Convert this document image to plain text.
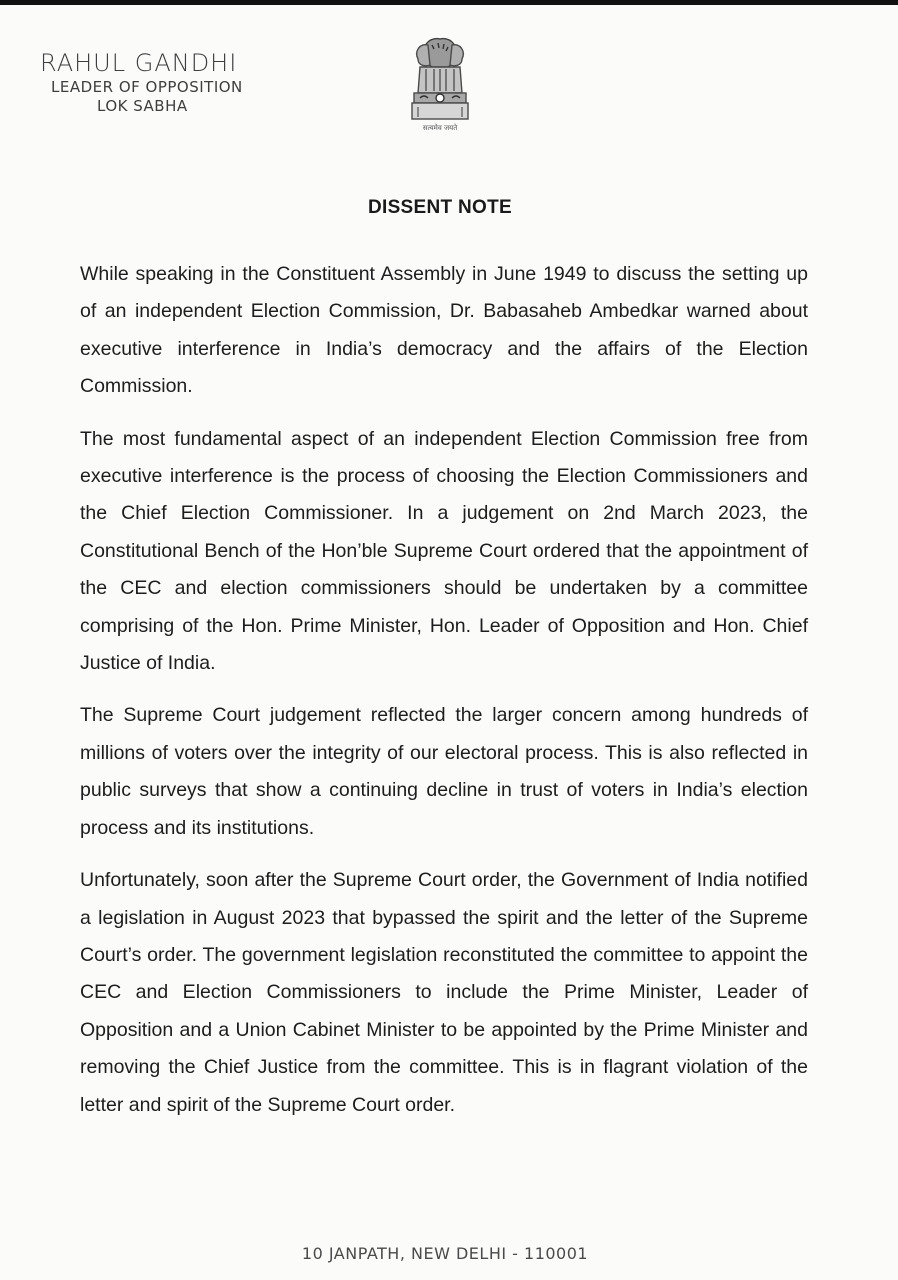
RAHUL GANDHI

LEADER OF OPPOSITION

LOK SABHA

सत्यमेव जयते
DISSENT NOTE

While speaking in the Constituent Assembly in June 1949 to discuss the setting up of an independent Election Commission, Dr. Babasaheb Ambedkar warned about executive interference in India’s democracy and the affairs of the Election Commission.

The most fundamental aspect of an independent Election Commission free from executive interference is the process of choosing the Election Commissioners and the Chief Election Commissioner. In a judgement on 2nd March 2023, the Constitutional Bench of the Hon’ble Supreme Court ordered that the appointment of the CEC and election commissioners should be undertaken by a committee comprising of the Hon. Prime Minister, Hon. Leader of Opposition and Hon. Chief Justice of India.

The Supreme Court judgement reflected the larger concern among hundreds of millions of voters over the integrity of our electoral process. This is also reflected in public surveys that show a continuing decline in trust of voters in India’s election process and its institutions.

Unfortunately, soon after the Supreme Court order, the Government of India notified a legislation in August 2023 that bypassed the spirit and the letter of the Supreme Court’s order. The government legislation reconstituted the committee to appoint the CEC and Election Commissioners to include the Prime Minister, Leader of Opposition and a Union Cabinet Minister to be appointed by the Prime Minister and removing the Chief Justice from the committee. This is in flagrant violation of the letter and spirit of the Supreme Court order.

10 JANPATH, NEW DELHI - 110001
